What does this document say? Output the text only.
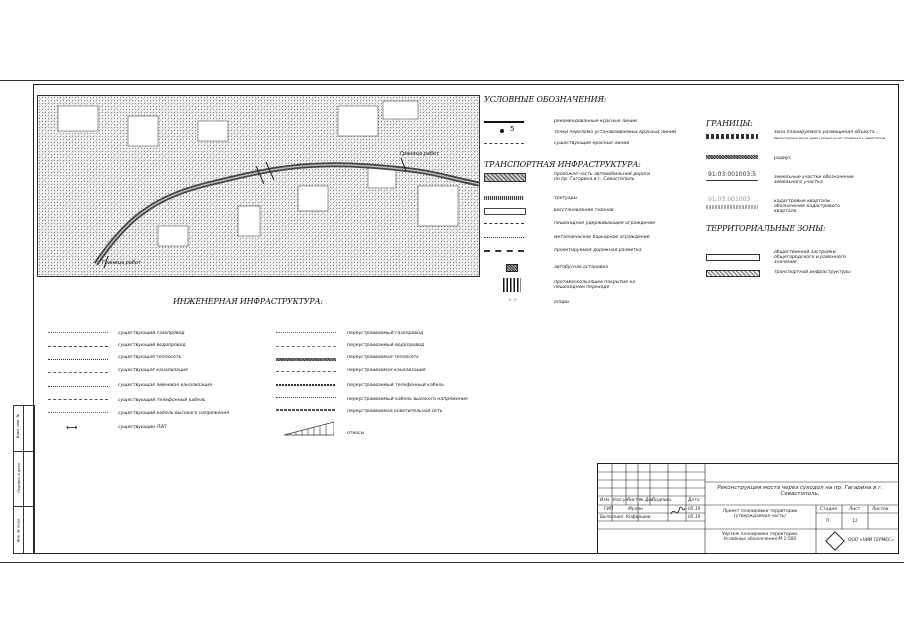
Граница работ
Граница работ
УСЛОВНЫЕ ОБОЗНАЧЕНИЯ:
рекомендованные красные линии
5	точки перелома устанавливаемых красных линий
существующие красные линии
ТРАНСПОРТНАЯ ИНФРАСТРУКТУРА:
проезжая часть автомобильной дороги по пр. Гагарина в г. Севастополь
тротуары
восстановление газонов
пешеходное удерживающее ограждение
металлическое барьерное ограждение
проектируемая дорожная разметка
автобусная остановка
противоскользящее покрытие на пешеходном переходе
× ×	опоры
ГРАНИЦЫ:
зона планируемого размещения объекта -
Реконструкция моста через суходол на пр. Гагарина в г. Севастополь
радиус
91:03:001003:5	земельные участки обозначение земельного участка
91:03:001003	кадастровые кварталы обозначение кадастрового квартала
ТЕРРИТОРИАЛЬНЫЕ ЗОНЫ:
общественной застройки общегородского и районного значения
транспортной инфраструктуры
ИНЖЕНЕРНАЯ ИНФРАСТРУКТУРА:
⟷
существующий газопровод
существующий водопровод
существующая теплосеть
существующая канализация
существующая ливневая канализация
существующий телефонный кабель
существующий кабель высокого напряжения
существующие ЛЭП
переустраиваемый газопровод
переустраиваемый водопровод
переустраиваемая теплосеть
переустраиваемая канализация
переустраиваемый телефонный кабель
переустраиваемый кабель высокого напряжения
переустраиваемая осветительная сеть
откосы
Взам. инв. №
Подпись и дата
Инв. № подл.
Изм. Кол.уч
Лист № Док.
Подпись	Дата
ГИП	Мулин	05.19
Выполнил Кофиншев	05.19
Реконструкция моста через суходол на пр. Гагарина в г. Севастополь.
Проект планировки территории (утверждаемая часть)
Чертеж планировки территории. Условные обозначения М 1:500
Стадия	Лист	Листов
П	11
ООО «НИИ ГЕРМЕС»
